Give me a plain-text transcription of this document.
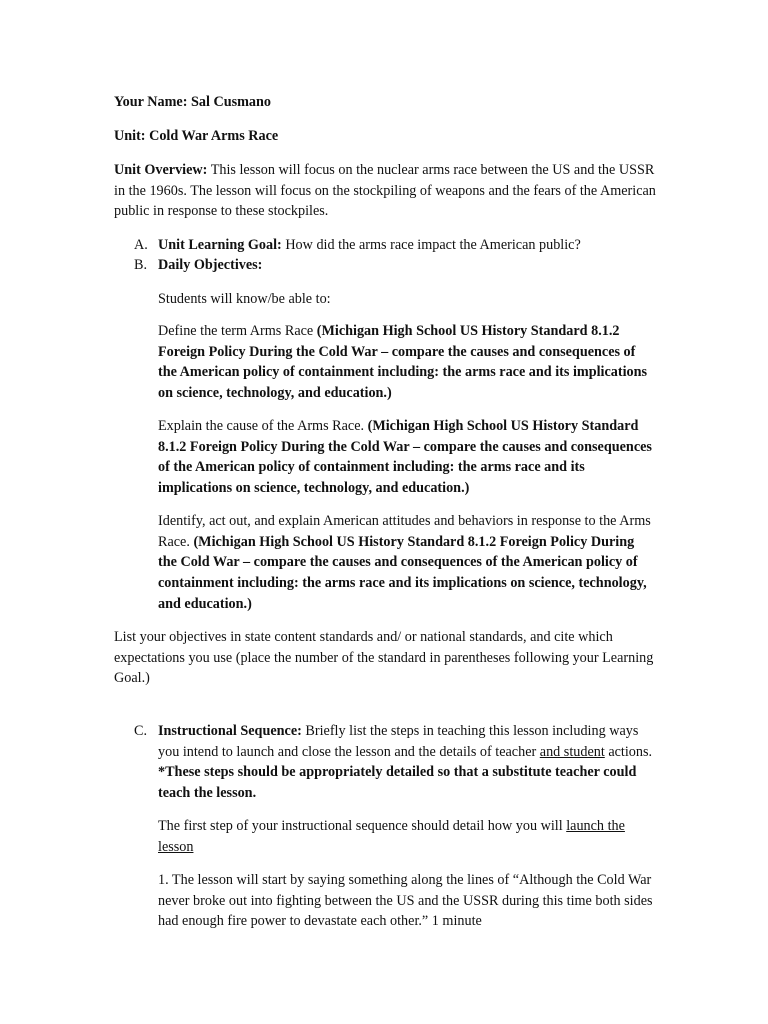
Your Name: Sal Cusmano

Unit: Cold War Arms Race

Unit Overview: This lesson will focus on the nuclear arms race between the US and the USSR in the 1960s. The lesson will focus on the stockpiling of weapons and the fears of the American public in response to these stockpiles.

A. Unit Learning Goal: How did the arms race impact the American public?

B. Daily Objectives:

Students will know/be able to:

Define the term Arms Race (Michigan High School US History Standard 8.1.2 Foreign Policy During the Cold War – compare the causes and consequences of the American policy of containment including: the arms race and its implications on science, technology, and education.)

Explain the cause of the Arms Race. (Michigan High School US History Standard 8.1.2 Foreign Policy During the Cold War – compare the causes and consequences of the American policy of containment including: the arms race and its implications on science, technology, and education.)

Identify, act out, and explain American attitudes and behaviors in response to the Arms Race. (Michigan High School US History Standard 8.1.2 Foreign Policy During the Cold War – compare the causes and consequences of the American policy of containment including: the arms race and its implications on science, technology, and education.)

List your objectives in state content standards and/ or national standards, and cite which expectations you use (place the number of the standard in parentheses following your Learning Goal.)

C. Instructional Sequence: Briefly list the steps in teaching this lesson including ways you intend to launch and close the lesson and the details of teacher and student actions. *These steps should be appropriately detailed so that a substitute teacher could teach the lesson.

The first step of your instructional sequence should detail how you will launch the lesson

1. The lesson will start by saying something along the lines of “Although the Cold War never broke out into fighting between the US and the USSR during this time both sides had enough fire power to devastate each other.” 1 minute
